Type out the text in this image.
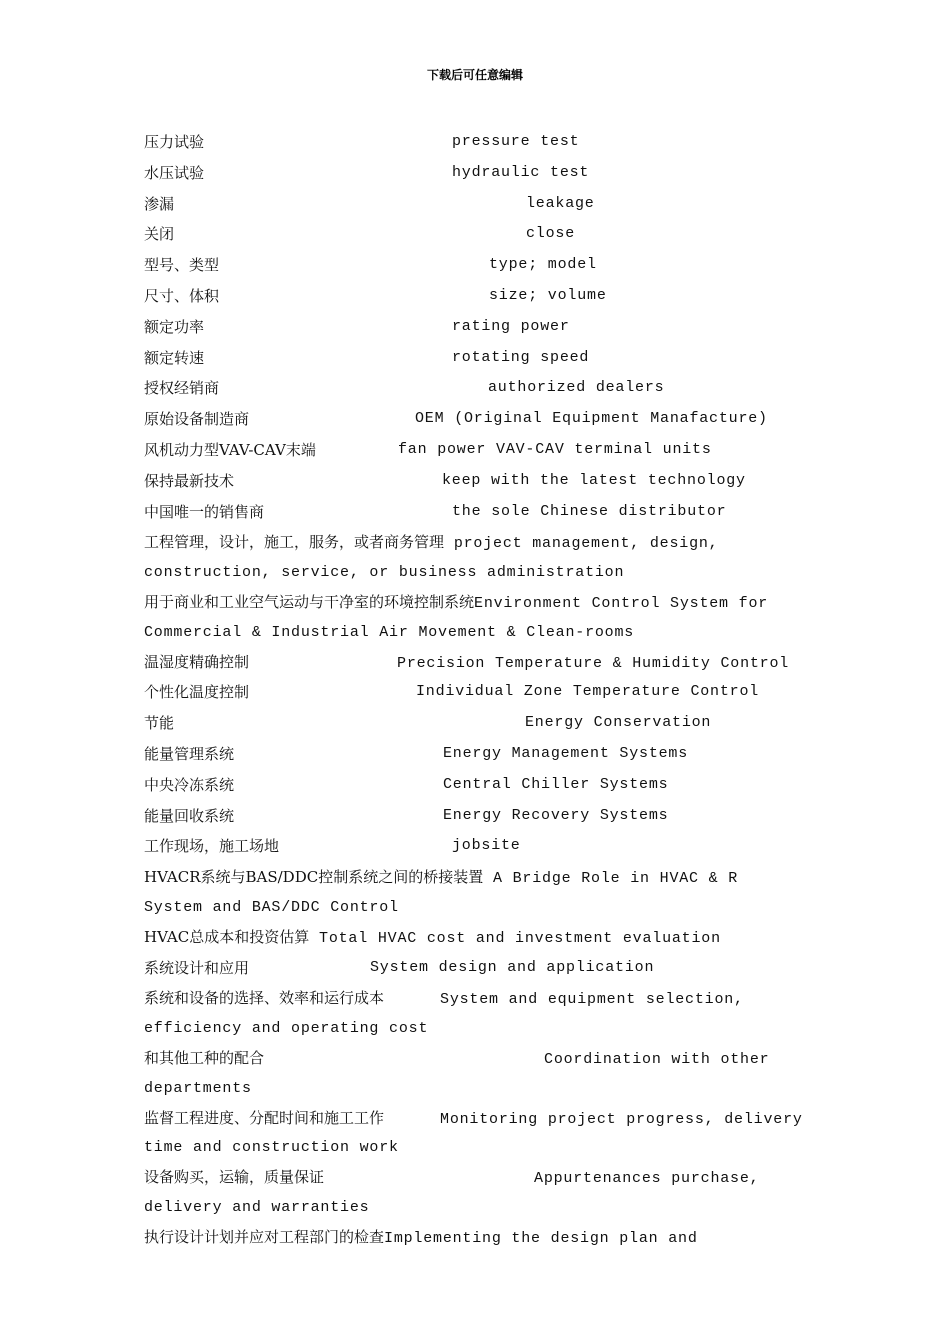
下载后可任意编辑
压力试验	pressure test
水压试验	hydraulic test
渗漏	leakage
关闭	close
型号、类型	type; model
尺寸、体积	size; volume
额定功率	rating power
额定转速	rotating speed
授权经销商	authorized dealers
原始设备制造商	OEM (Original Equipment Manafacture)
风机动力型VAV-CAV末端	fan power VAV-CAV terminal units
保持最新技术	keep with the latest technology
中国唯一的销售商	the sole Chinese distributor
工程管理，设计，施工，服务，或者商务管理 project management, design, construction, service, or business administration
用于商业和工业空气运动与干净室的环境控制系统Environment Control System for Commercial & Industrial Air Movement & Clean-rooms
温湿度精确控制	Precision Temperature & Humidity Control
个性化温度控制	Individual Zone Temperature Control
节能	Energy Conservation
能量管理系统	Energy Management Systems
中央冷冻系统	Central Chiller Systems
能量回收系统	Energy Recovery Systems
工作现场，施工场地	jobsite
HVACR系统与BAS/DDC控制系统之间的桥接装置 A Bridge Role in HVAC & R System and BAS/DDC Control
HVAC总成本和投资估算 Total HVAC cost and investment evaluation
系统设计和应用	System design and application
系统和设备的选择、效率和运行成本	System and equipment selection, efficiency and operating cost
和其他工种的配合	Coordination with other departments
监督工程进度、分配时间和施工工作	Monitoring project progress, delivery time and construction work
设备购买，运输，质量保证	Appurtenances purchase, delivery and warranties
执行设计计划并应对工程部门的检查Implementing the design plan and
